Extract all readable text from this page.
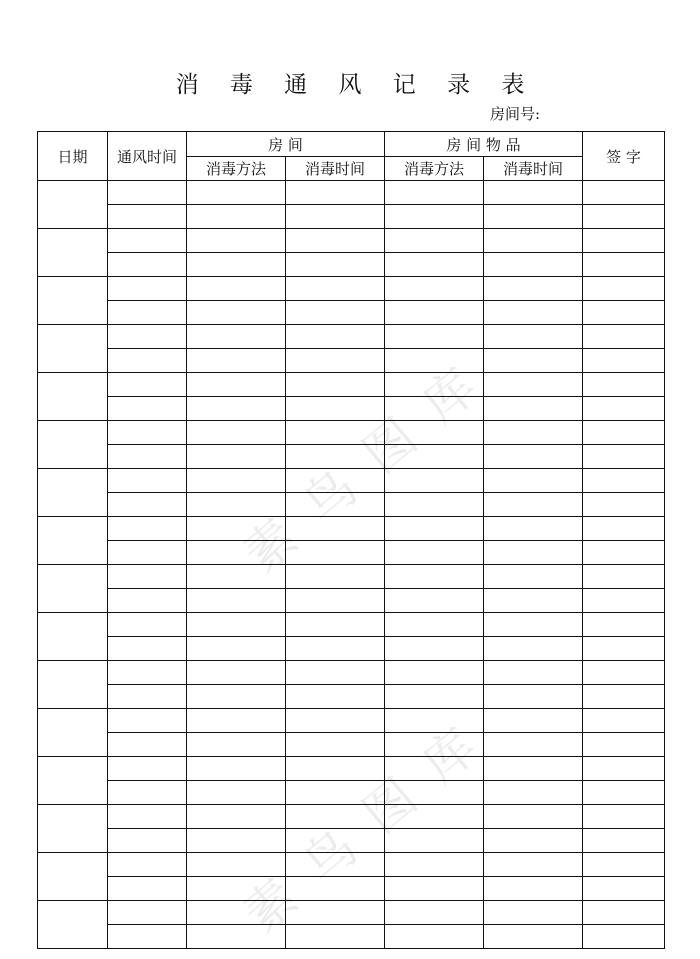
素 鸟 图 库
素 鸟 图 库
消 毒 通 风 记 录 表
房间号:
日期	通风时间	房 间		房 间 物 品		签 字
		消毒方法	消毒时间	消毒方法	消毒时间	
